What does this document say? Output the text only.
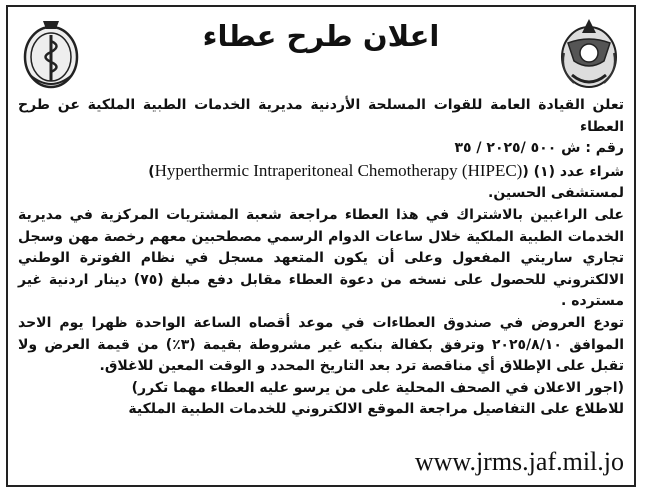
اعلان طرح عطاء

تعلن القيادة العامة للقوات المسلحة الأردنية مديرية الخدمات الطبية الملكية عن طرح العطاء

رقم : ش ٥٠٠ /٢٠٢٥ / ٣٥

شراء عدد (١) (Hyperthermic Intraperitoneal Chemotherapy (HIPEC))

لمستشفى الحسين.

على الراغبين بالاشتراك في هذا العطاء مراجعة شعبة المشتريات المركزية في مديرية الخدمات الطبية الملكية خلال ساعات الدوام الرسمي مصطحبين معهم رخصة مهن وسجل تجاري ساريتي المفعول وعلى أن يكون المتعهد مسجل في نظام الفوترة الوطني الالكتروني للحصول على نسخه من دعوة العطاء مقابل دفع مبلغ (٧٥) دينار اردنية غير مسترده .

تودع العروض في صندوق العطاءات في موعد أقصاه الساعة الواحدة ظهرا يوم الاحد الموافق ٢٠٢٥/٨/١٠ وترفق بكفالة بنكيه غير مشروطة بقيمة (٣٪) من قيمة العرض ولا تقبل على الإطلاق أي مناقصة ترد بعد التاريخ المحدد و الوقت المعين للاغلاق.

(اجور الاعلان في الصحف المحلية على من يرسو عليه العطاء مهما تكرر)

للاطلاع على التفاصيل مراجعة الموقع الالكتروني للخدمات الطبية الملكية

www.jrms.jaf.mil.jo
